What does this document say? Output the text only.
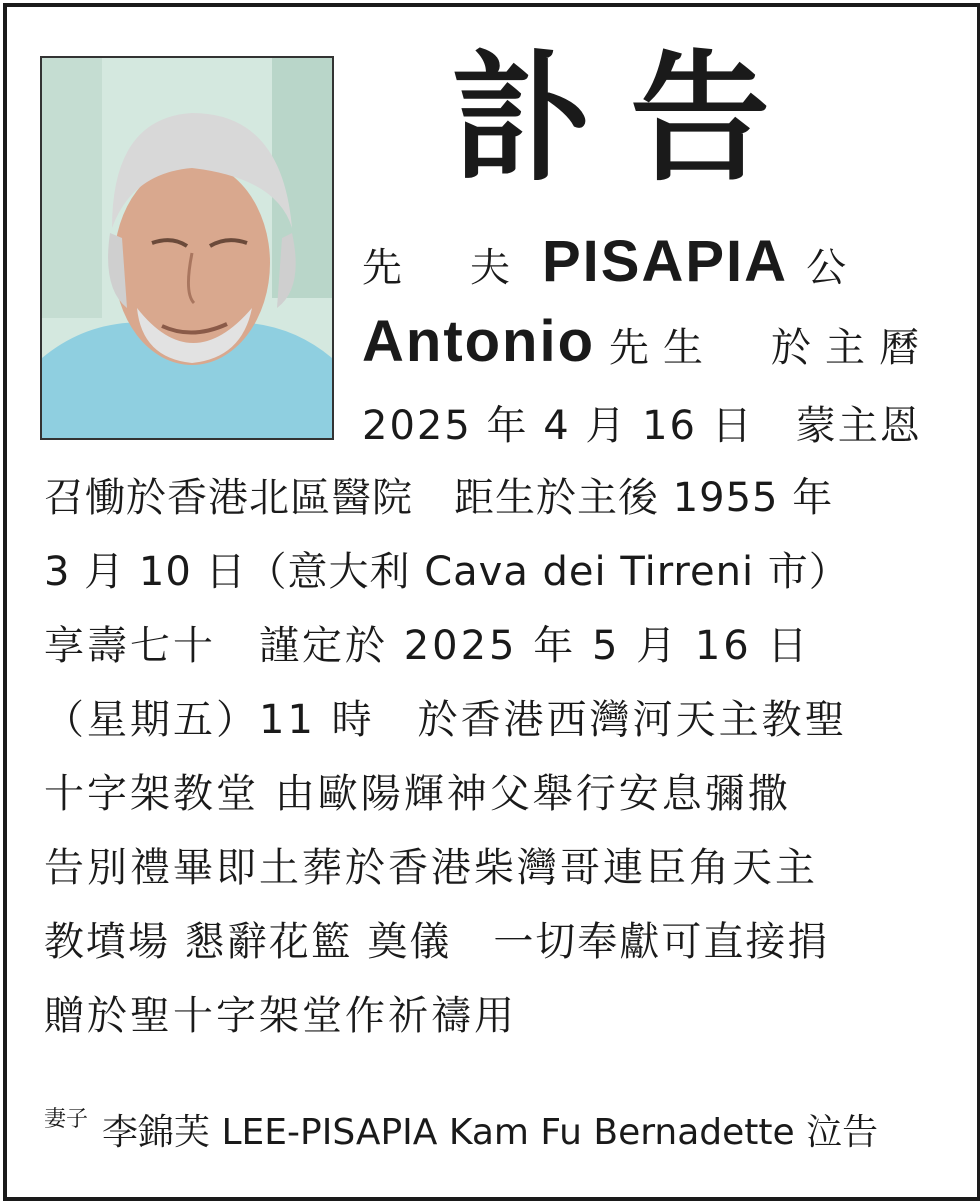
訃告
先　夫 PISAPIA 公
Antonio 先生　於主曆
2025 年 4 月 16 日　蒙主恩
召慟於香港北區醫院　距生於主後 1955 年
3 月 10 日（意大利 Cava dei Tirreni 市）
享壽七十　謹定於 2025 年 5 月 16 日
（星期五）11 時　於香港西灣河天主教聖
十字架教堂 由歐陽輝神父舉行安息彌撒
告別禮畢即土葬於香港柴灣哥連臣角天主
教墳場 懇辭花籃 奠儀　一切奉獻可直接捐
贈於聖十字架堂作祈禱用
$^{妻子}$ 李錦芙 LEE-PISAPIA Kam Fu Bernadette 泣告
